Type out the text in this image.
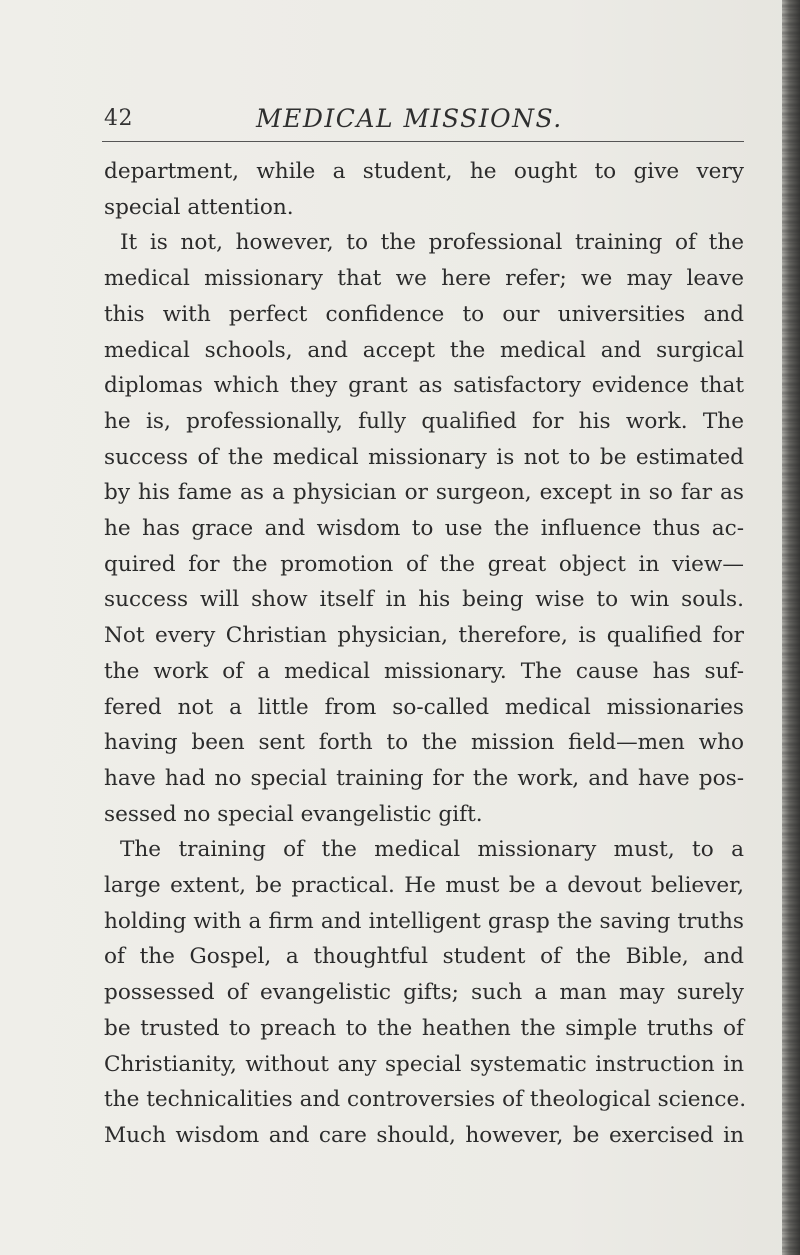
42	MEDICAL MISSIONS.

department, while a student, he ought to give very
special attention.

It is not, however, to the professional training of the
medical missionary that we here refer; we may leave
this with perfect confidence to our universities and
medical schools, and accept the medical and surgical
diplomas which they grant as satisfactory evidence that
he is, professionally, fully qualified for his work. The
success of the medical missionary is not to be estimated
by his fame as a physician or surgeon, except in so far as
he has grace and wisdom to use the influence thus ac-
quired for the promotion of the great object in view—
success will show itself in his being wise to win souls.
Not every Christian physician, therefore, is qualified for
the work of a medical missionary. The cause has suf-
fered not a little from so-called medical missionaries
having been sent forth to the mission field—men who
have had no special training for the work, and have pos-
sessed no special evangelistic gift.

The training of the medical missionary must, to a
large extent, be practical. He must be a devout believer,
holding with a firm and intelligent grasp the saving truths
of the Gospel, a thoughtful student of the Bible, and
possessed of evangelistic gifts; such a man may surely
be trusted to preach to the heathen the simple truths of
Christianity, without any special systematic instruction in
the technicalities and controversies of theological science.
Much wisdom and care should, however, be exercised in
